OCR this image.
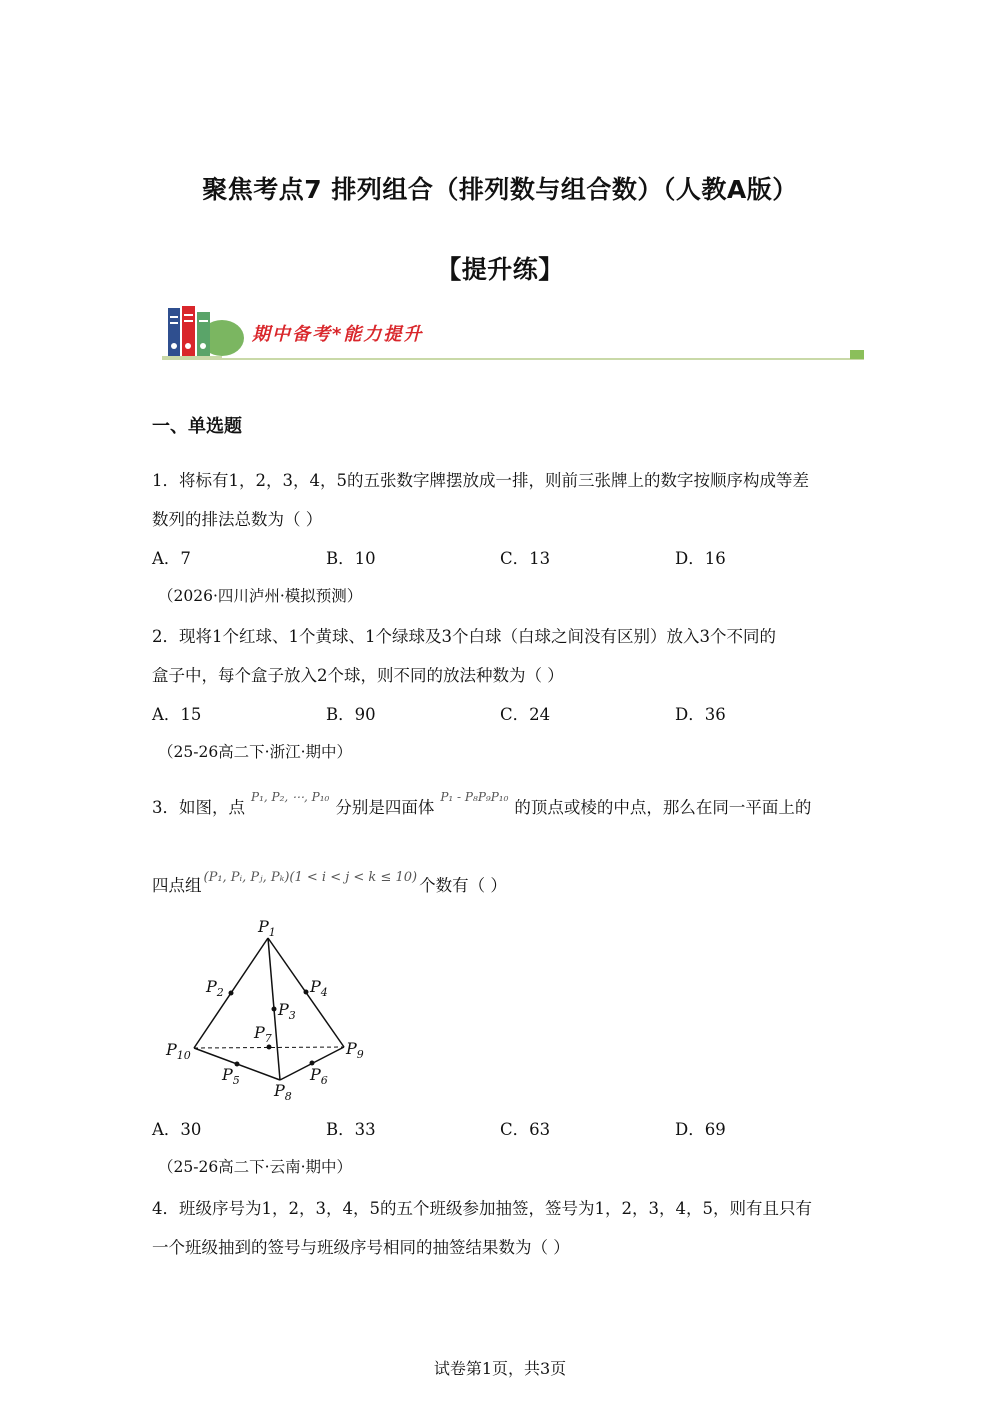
聚焦考点7 排列组合（排列数与组合数）（人教A版）
【提升练】
期中备考*能力提升
一、单选题
1．将标有1，2，3，4，5的五张数字牌摆放成一排，则前三张牌上的数字按顺序构成等差
数列的排法总数为（ ）
A．7	B．10	C．13	D．16
（2026·四川泸州·模拟预测）
2．现将1个红球、1个黄球、1个绿球及3个白球（白球之间没有区别）放入3个不同的
盒子中，每个盒子放入2个球，则不同的放法种数为（ ）
A．15	B．90	C．24	D．36
（25-26高二下·浙江·期中）
3．如图，点$^{P_1, P_2, \cdots, P_{10}}$分别是四面体$^{P_1 - P_8P_9P_{10}}$的顶点或棱的中点，那么在同一平面上的
四点组 $^{(P_1, Pᵢ, Pⱼ, P_k)(1 < i < j < k \le 10)}$ 个数有（ ）
$P_1$
$P_2$
$P_3$
$P_4$
$P_5$	$P_6$
$P_7$
$P_8$
$P_9$
$P_{10}$
A．30	B．33	C．63	D．69
（25-26高二下·云南·期中）
4．班级序号为1，2，3，4，5的五个班级参加抽签，签号为1，2，3，4，5，则有且只有
一个班级抽到的签号与班级序号相同的抽签结果数为（ ）
试卷第1页，共3页
